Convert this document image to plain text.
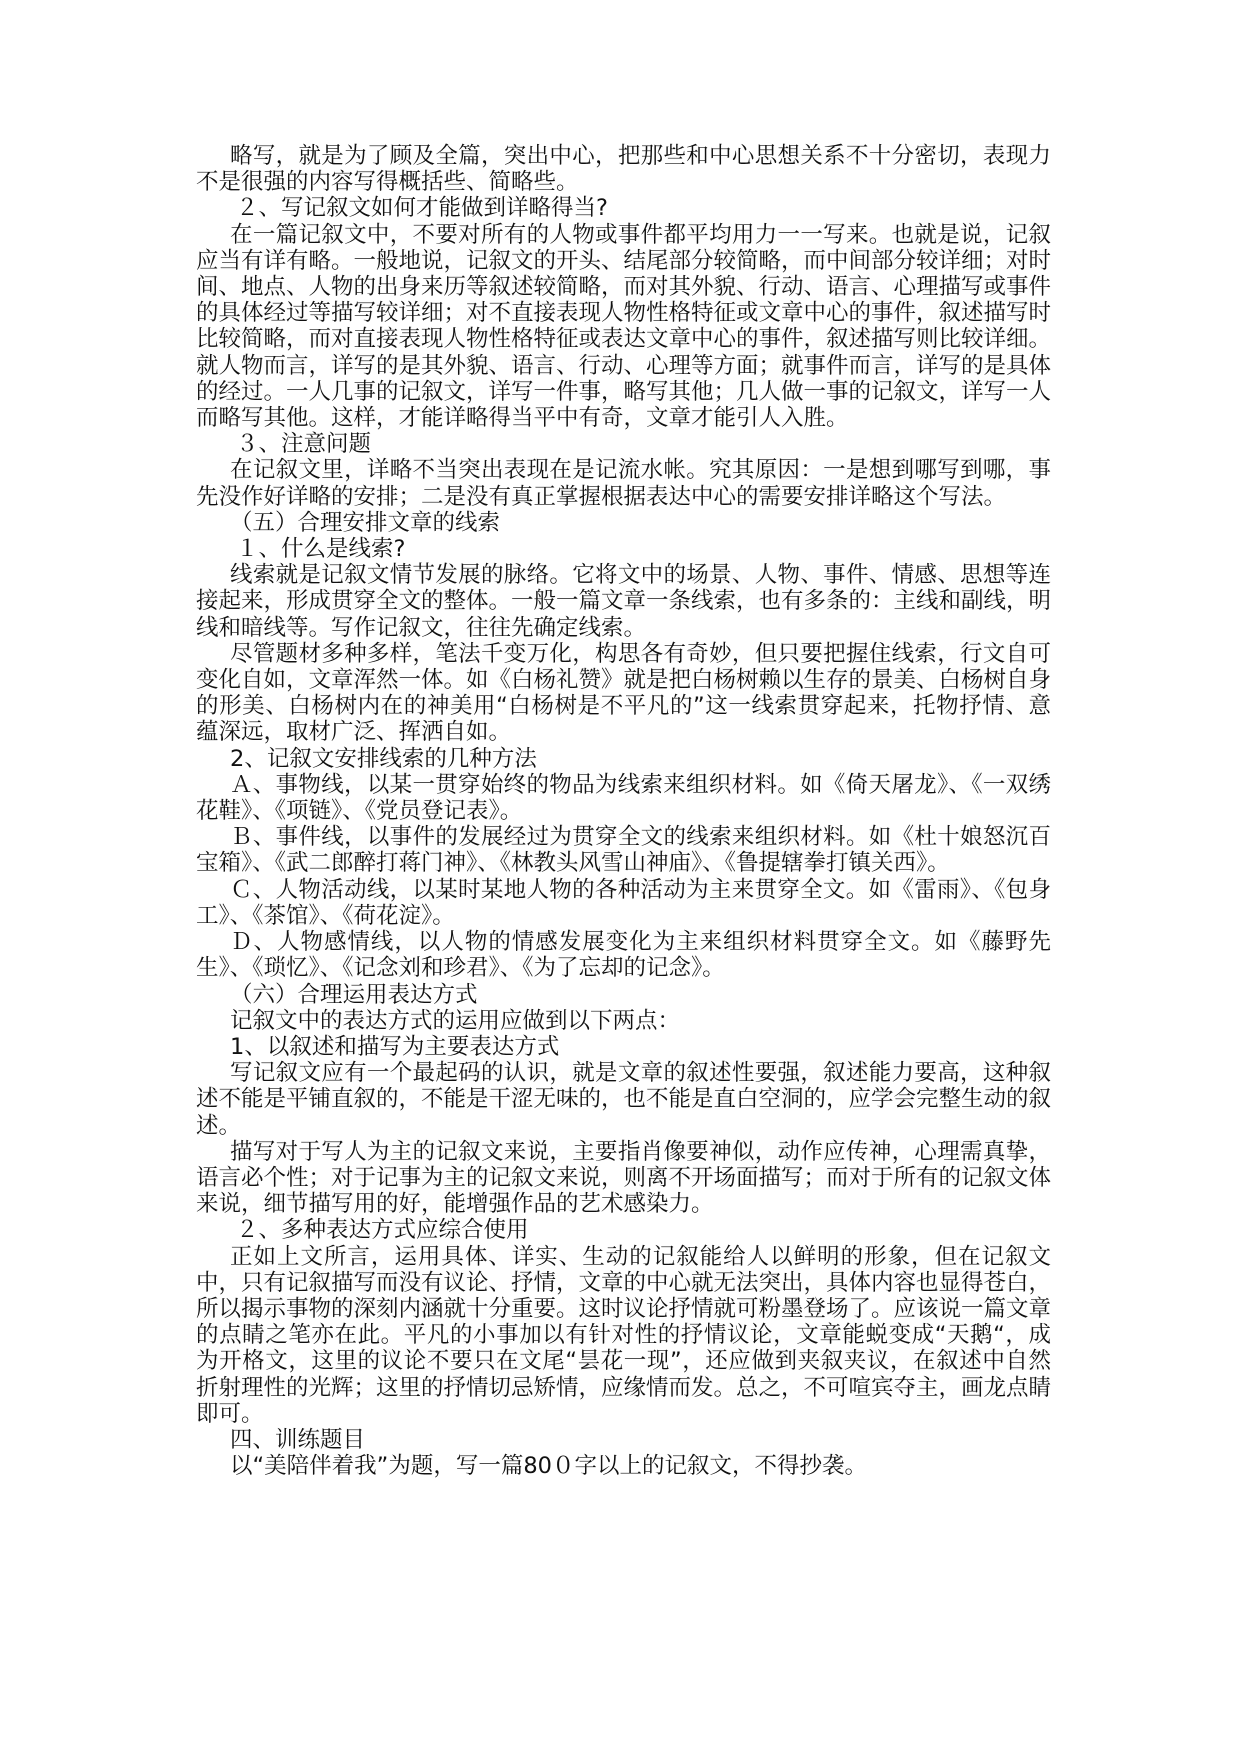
略写，就是为了顾及全篇，突出中心，把那些和中心思想关系不十分密切，表现力不是很强的内容写得概括些、简略些。

２、写记叙文如何才能做到详略得当?

在一篇记叙文中，不要对所有的人物或事件都平均用力一一写来。也就是说，记叙应当有详有略。一般地说，记叙文的开头、结尾部分较简略，而中间部分较详细；对时间、地点、人物的出身来历等叙述较简略，而对其外貌、行动、语言、心理描写或事件的具体经过等描写较详细；对不直接表现人物性格特征或文章中心的事件，叙述描写时比较简略，而对直接表现人物性格特征或表达文章中心的事件，叙述描写则比较详细。就人物而言，详写的是其外貌、语言、行动、心理等方面；就事件而言，详写的是具体的经过。一人几事的记叙文，详写一件事，略写其他；几人做一事的记叙文，详写一人而略写其他。这样，才能详略得当平中有奇，文章才能引人入胜。

３、注意问题

在记叙文里，详略不当突出表现在是记流水帐。究其原因：一是想到哪写到哪，事先没作好详略的安排；二是没有真正掌握根据表达中心的需要安排详略这个写法。

（五）合理安排文章的线索

１、什么是线索?

线索就是记叙文情节发展的脉络。它将文中的场景、人物、事件、情感、思想等连接起来，形成贯穿全文的整体。一般一篇文章一条线索，也有多条的：主线和副线，明线和暗线等。写作记叙文，往往先确定线索。

尽管题材多种多样，笔法千变万化，构思各有奇妙，但只要把握住线索，行文自可变化自如，文章浑然一体。如《白杨礼赞》就是把白杨树赖以生存的景美、白杨树自身的形美、白杨树内在的神美用“白杨树是不平凡的”这一线索贯穿起来，托物抒情、意蕴深远，取材广泛、挥洒自如。

2、记叙文安排线索的几种方法

Ａ、事物线，以某一贯穿始终的物品为线索来组织材料。如《倚天屠龙》、《一双绣花鞋》、《项链》、《党员登记表》。

Ｂ、事件线，以事件的发展经过为贯穿全文的线索来组织材料。如《杜十娘怒沉百宝箱》、《武二郎醉打蒋门神》、《林教头风雪山神庙》、《鲁提辖拳打镇关西》。

Ｃ、人物活动线，以某时某地人物的各种活动为主来贯穿全文。如《雷雨》、《包身工》、《茶馆》、《荷花淀》。

Ｄ、人物感情线，以人物的情感发展变化为主来组织材料贯穿全文。如《藤野先生》、《琐忆》、《记念刘和珍君》、《为了忘却的记念》。

（六）合理运用表达方式

记叙文中的表达方式的运用应做到以下两点：

1、以叙述和描写为主要表达方式

写记叙文应有一个最起码的认识，就是文章的叙述性要强，叙述能力要高，这种叙述不能是平铺直叙的，不能是干涩无味的，也不能是直白空洞的，应学会完整生动的叙述。

描写对于写人为主的记叙文来说，主要指肖像要神似，动作应传神，心理需真挚，语言必个性；对于记事为主的记叙文来说，则离不开场面描写；而对于所有的记叙文体来说，细节描写用的好，能增强作品的艺术感染力。

２、多种表达方式应综合使用

正如上文所言，运用具体、详实、生动的记叙能给人以鲜明的形象，但在记叙文中，只有记叙描写而没有议论、抒情，文章的中心就无法突出，具体内容也显得苍白，所以揭示事物的深刻内涵就十分重要。这时议论抒情就可粉墨登场了。应该说一篇文章的点睛之笔亦在此。平凡的小事加以有针对性的抒情议论，文章能蜕变成“天鹅“，成为开格文，这里的议论不要只在文尾“昙花一现”，还应做到夹叙夹议，在叙述中自然折射理性的光辉；这里的抒情切忌矫情，应缘情而发。总之，不可喧宾夺主，画龙点睛即可。

四、训练题目

以“美陪伴着我”为题，写一篇80０字以上的记叙文，不得抄袭。
